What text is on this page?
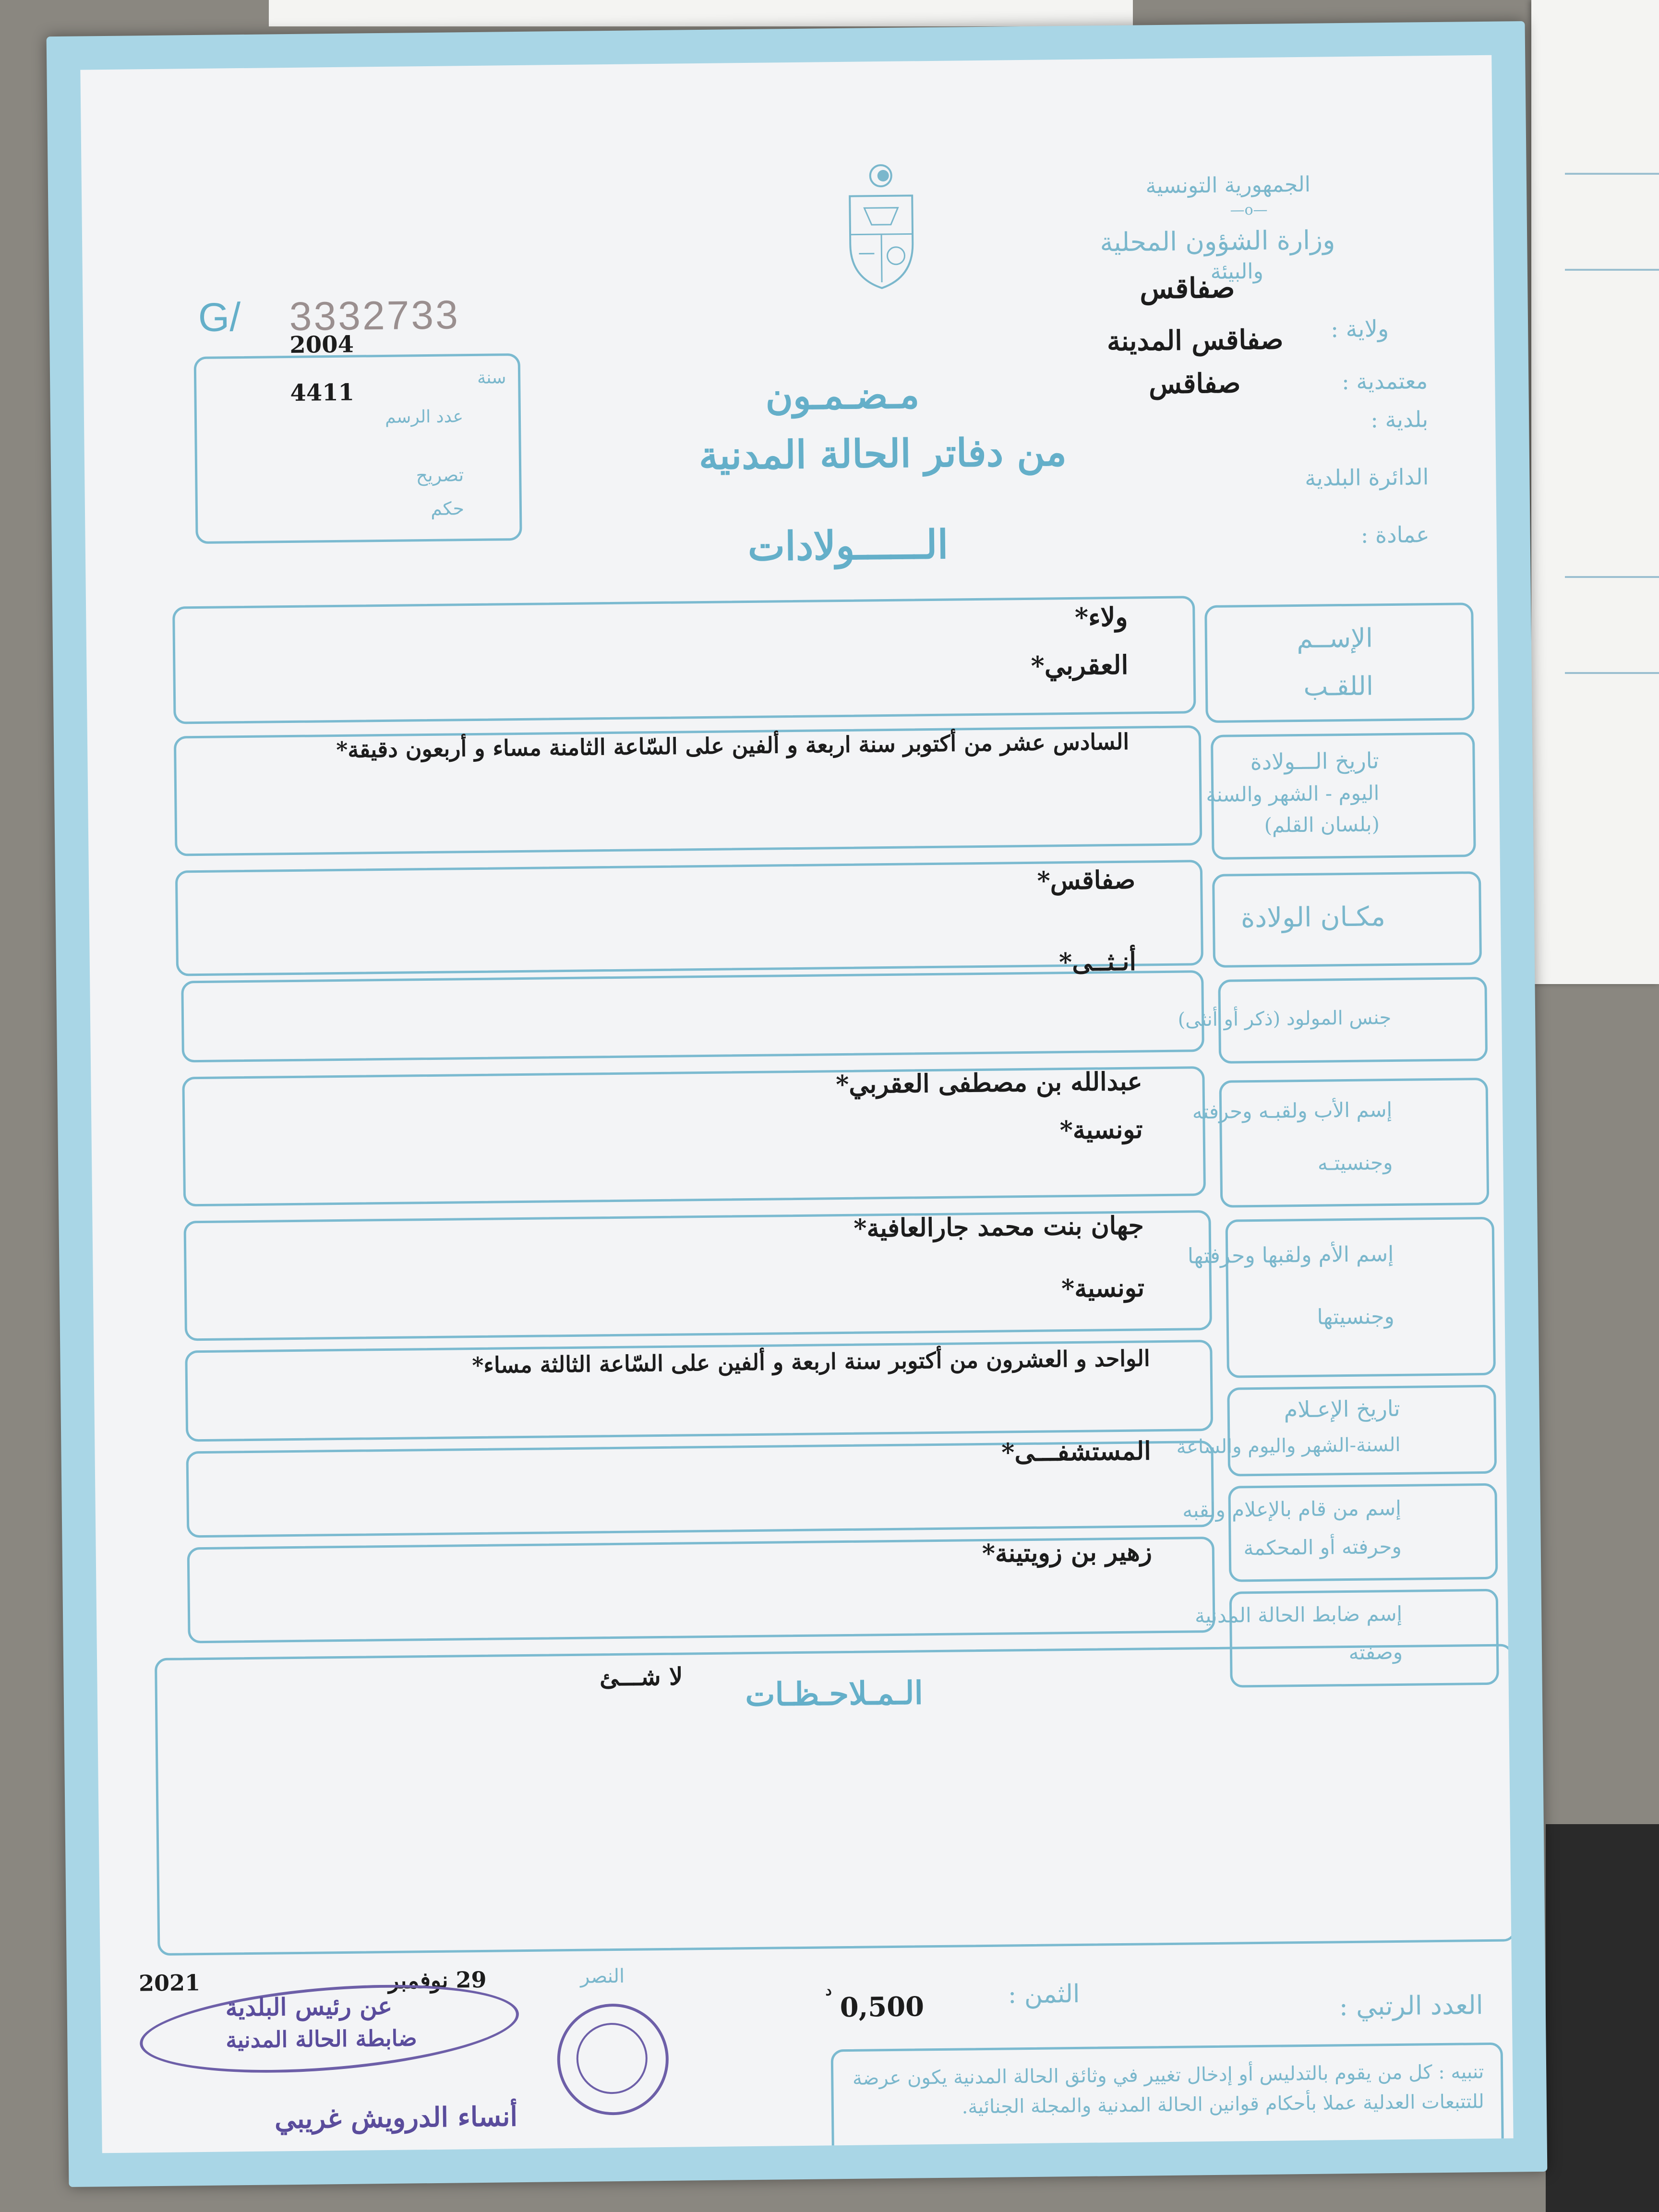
الجمهورية التونسية
—o—
وزارة الشؤون المحلية
والبيئة
صفاقس
ولاية :
صفاقس المدينة
معتمدية :
صفاقس
بلدية :
الدائرة البلدية
عمادة :
G/ 3332733
2004
سنة
4411
عدد الرسم
تصريح
حكم
مـضـمـون
من دفاتر الحالة المدنية
الــــــولادات
الإســم
اللقـب
ولاء*
العقربي*
تاريخ الـــولادة
اليوم - الشهر والسنة
(بلسان القلم)
السادس عشر من أكتوبر سنة اربعة و ألفين على السّاعة الثامنة مساء و أربعون دقيقة*
مكـان الولادة
صفاقس*
جنس المولود (ذكر أو أنثى)
أنـثــى*
إسم الأب ولقبـه وحرفته
وجنسيتـه
عبدالله بن مصطفى العقربي*
تونسية*
إسم الأم ولقبها وحرفتها
وجنسيتها
جهان بنت محمد جارالعافية*
تونسية*
تاريخ الإعـلام
السنة-الشهر واليوم والساعة
الواحد و العشرون من أكتوبر سنة اربعة و ألفين على السّاعة الثالثة مساء*
إسم من قام بالإعلام ولقبه
وحرفته أو المحكمة
المستشفـــى*
إسم ضابط الحالة المدنية
وصفته
زهير بن زويتينة*
الـمـلاحـظـات
لا شـــئ
المطبعة الرسمية
العدد الرتبي :
الثمن :
0,500
د
2021	29 نوفمبر	النصر
عن رئيس البلدية
ضابطة الحالة المدنية
أنساء الدرويش غريبي
تنبيه : كل من يقوم بالتدليس أو إدخال تغيير في وثائق الحالة المدنية يكون عرضة للتتبعات العدلية عملا بأحكام قوانين الحالة المدنية والمجلة الجنائية.
